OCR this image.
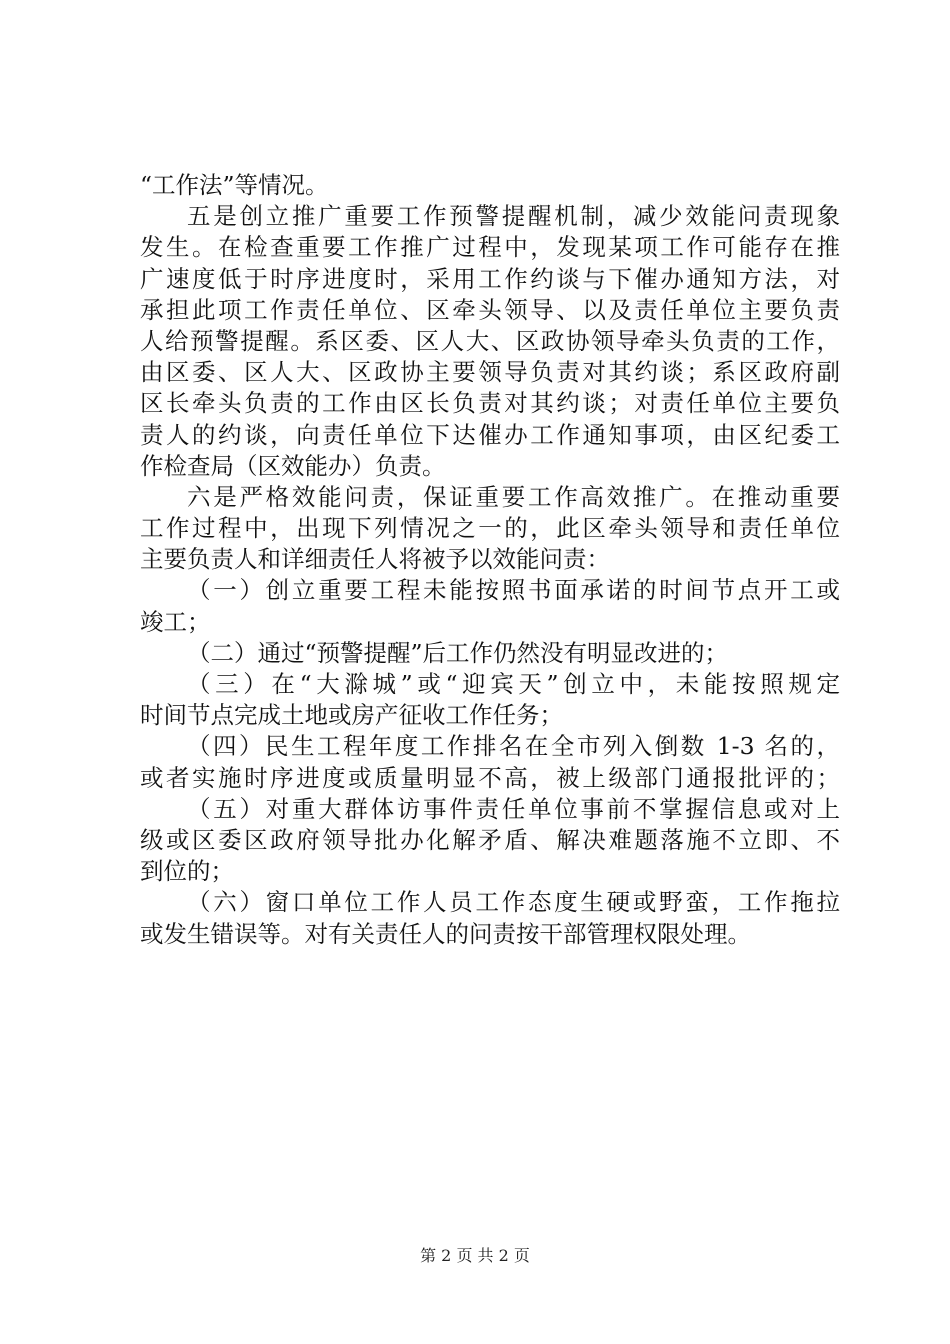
“工作法”等情况。
五是创立推广重要工作预警提醒机制，减少效能问责现象
发生。在检查重要工作推广过程中，发现某项工作可能存在推
广速度低于时序进度时，采用工作约谈与下催办通知方法，对
承担此项工作责任单位、区牵头领导、以及责任单位主要负责
人给预警提醒。系区委、区人大、区政协领导牵头负责的工作，
由区委、区人大、区政协主要领导负责对其约谈；系区政府副
区长牵头负责的工作由区长负责对其约谈；对责任单位主要负
责人的约谈，向责任单位下达催办工作通知事项，由区纪委工
作检查局（区效能办）负责。
六是严格效能问责，保证重要工作高效推广。在推动重要
工作过程中，出现下列情况之一的，此区牵头领导和责任单位
主要负责人和详细责任人将被予以效能问责：
（一）创立重要工程未能按照书面承诺的时间节点开工或
竣工；
（二）通过“预警提醒”后工作仍然没有明显改进的；
（三）在“大滁城”或“迎宾天”创立中，未能按照规定
时间节点完成土地或房产征收工作任务；
（四）民生工程年度工作排名在全市列入倒数 1-3 名的，
或者实施时序进度或质量明显不高，被上级部门通报批评的；
（五）对重大群体访事件责任单位事前不掌握信息或对上
级或区委区政府领导批办化解矛盾、解决难题落施不立即、不
到位的；
（六）窗口单位工作人员工作态度生硬或野蛮，工作拖拉
或发生错误等。对有关责任人的问责按干部管理权限处理。
第 2 页 共 2 页
